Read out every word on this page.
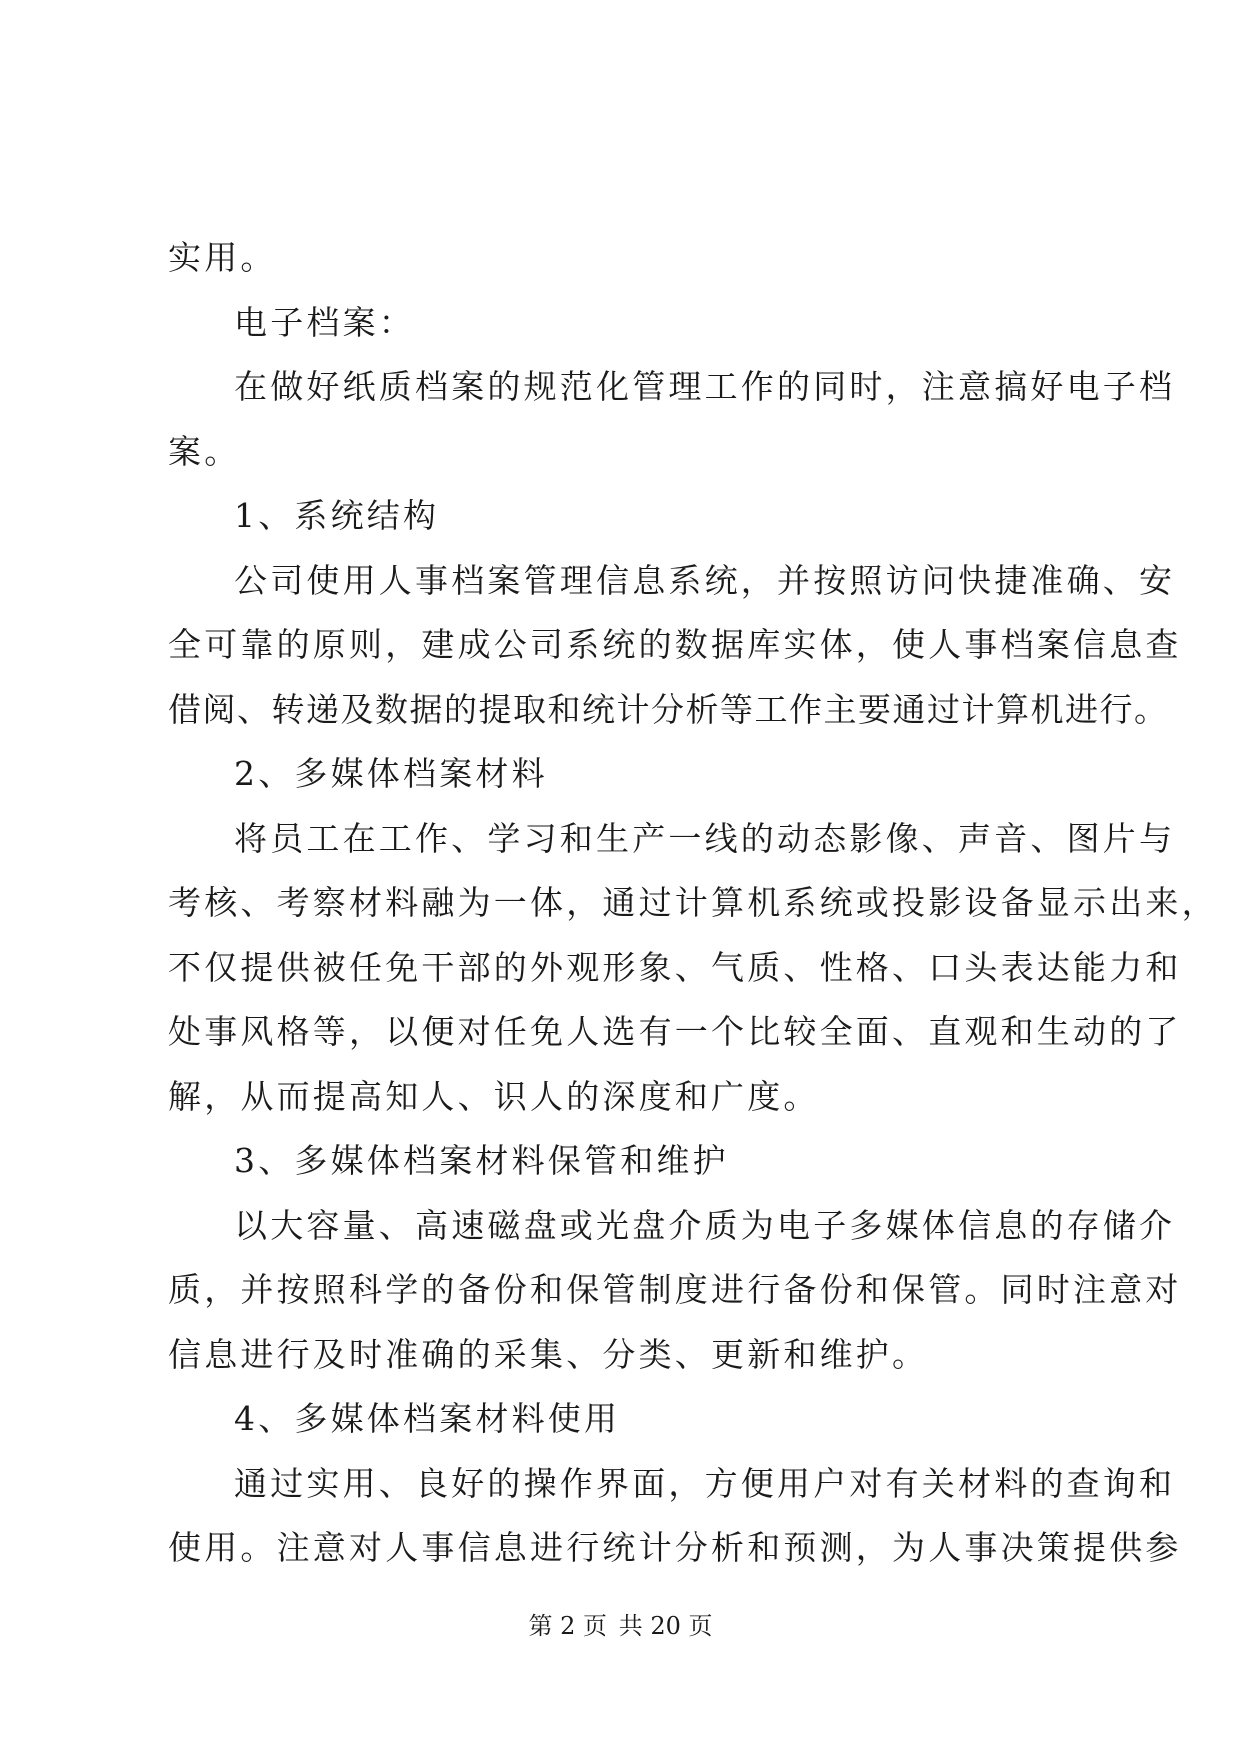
实用。
电子档案：
在做好纸质档案的规范化管理工作的同时，注意搞好电子档
案。
1、系统结构
公司使用人事档案管理信息系统，并按照访问快捷准确、安
全可靠的原则，建成公司系统的数据库实体，使人事档案信息查
借阅、转递及数据的提取和统计分析等工作主要通过计算机进行。
2、多媒体档案材料
将员工在工作、学习和生产一线的动态影像、声音、图片与
考核、考察材料融为一体，通过计算机系统或投影设备显示出来，
不仅提供被任免干部的外观形象、气质、性格、口头表达能力和
处事风格等，以便对任免人选有一个比较全面、直观和生动的了
解，从而提高知人、识人的深度和广度。
3、多媒体档案材料保管和维护
以大容量、高速磁盘或光盘介质为电子多媒体信息的存储介
质，并按照科学的备份和保管制度进行备份和保管。同时注意对
信息进行及时准确的采集、分类、更新和维护。
4、多媒体档案材料使用
通过实用、良好的操作界面，方便用户对有关材料的查询和
使用。注意对人事信息进行统计分析和预测，为人事决策提供参
第 2 页 共 20 页
